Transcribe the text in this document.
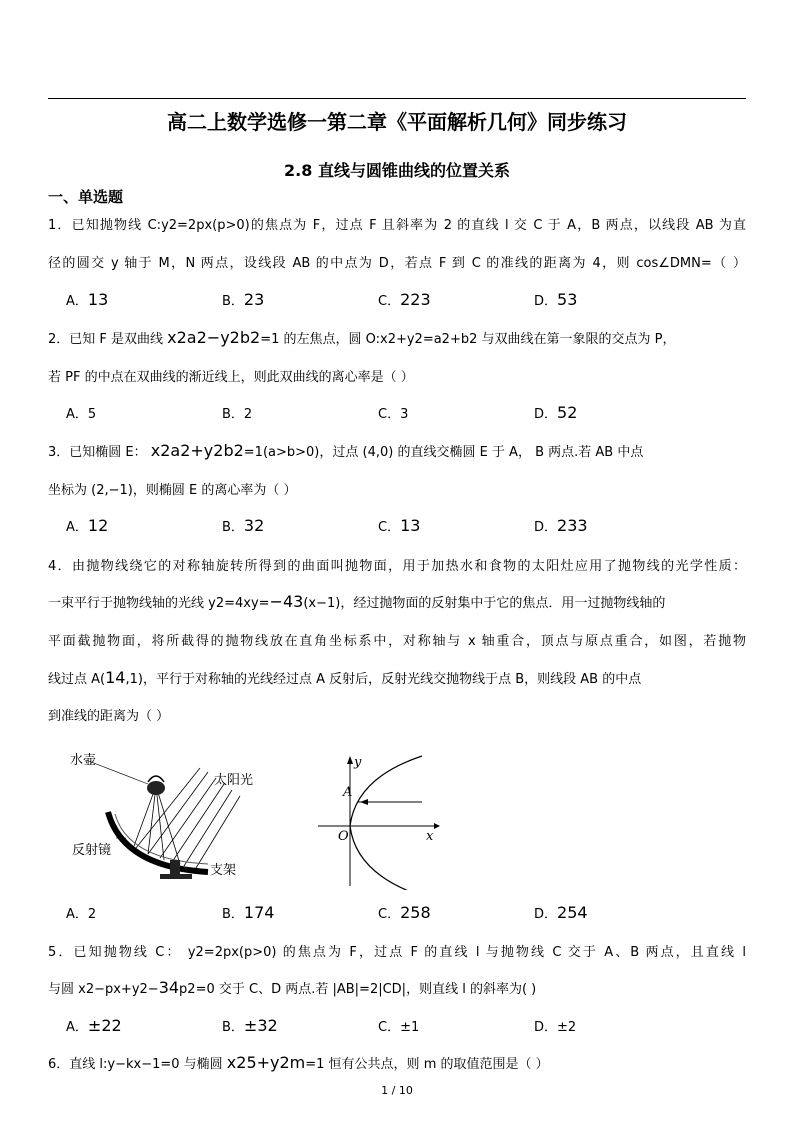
高二上数学选修一第二章《平面解析几何》同步练习
2.8 直线与圆锥曲线的位置关系
一、单选题
1．已知抛物线 C:y2=2px(p>0)的焦点为 F，过点 F 且斜率为 2 的直线 l 交 C 于 A，B 两点，以线段 AB 为直
径的圆交 y 轴于 M，N 两点，设线段 AB 的中点为 D，若点 F 到 C 的准线的距离为 4，则 cos∠DMN=（ ）
A．13	B．23	C．223	D．53
2．已知 F 是双曲线 x2a2−y2b2=1 的左焦点，圆 O:x2+y2=a2+b2 与双曲线在第一象限的交点为 P，
若 PF 的中点在双曲线的渐近线上，则此双曲线的离心率是（ ）
A．5	B．2	C．3	D．52
3．已知椭圆 E： x2a2+y2b2=1(a>b>0)，过点 (4,0) 的直线交椭圆 E 于 A， B 两点.若 AB 中点
坐标为 (2,−1)，则椭圆 E 的离心率为（ ）
A．12	B．32	C．13	D．233
4．由抛物线绕它的对称轴旋转所得到的曲面叫抛物面，用于加热水和食物的太阳灶应用了抛物线的光学性质：
一束平行于抛物线轴的光线 y2=4xy=−43(x−1)，经过抛物面的反射集中于它的焦点．用一过抛物线轴的
平面截抛物面，将所截得的抛物线放在直角坐标系中，对称轴与 x 轴重合，顶点与原点重合，如图，若抛物
线过点 A(14,1)，平行于对称轴的光线经过点 A 反射后，反射光线交抛物线于点 B，则线段 AB 的中点
到准线的距离为（ ）
水壶
太阳光
反射镜
支架
y
x
A
O
A．2	B．174	C．258	D．254
5．已知抛物线 C： y2=2px(p>0) 的焦点为 F，过点 F 的直线 l 与抛物线 C 交于 A、B 两点，且直线 l
与圆 x2−px+y2−34p2=0 交于 C、D 两点.若 |AB|=2|CD|，则直线 l 的斜率为( )
A．±22	B．±32	C．±1	D．±2
6．直线 l:y−kx−1=0 与椭圆 x25+y2m=1 恒有公共点，则 m 的取值范围是（ ）
1 / 10
